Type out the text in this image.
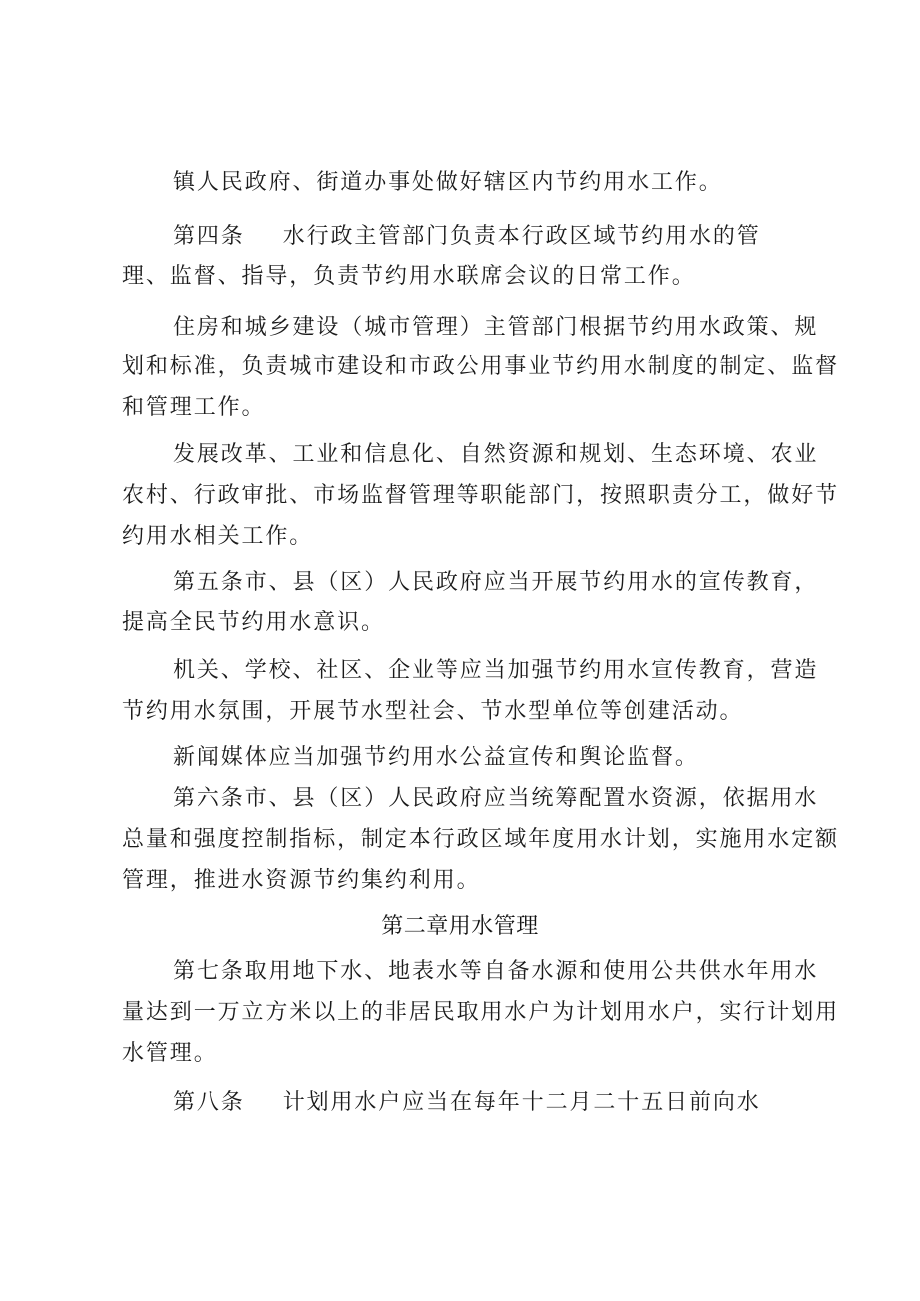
镇人民政府、街道办事处做好辖区内节约用水工作。
第四条 水行政主管部门负责本行政区域节约用水的管
理、监督、指导，负责节约用水联席会议的日常工作。
住房和城乡建设（城市管理）主管部门根据节约用水政策、规
划和标准，负责城市建设和市政公用事业节约用水制度的制定、监督
和管理工作。
发展改革、工业和信息化、自然资源和规划、生态环境、农业
农村、行政审批、市场监督管理等职能部门，按照职责分工，做好节
约用水相关工作。
第五条市、县（区）人民政府应当开展节约用水的宣传教育，
提高全民节约用水意识。
机关、学校、社区、企业等应当加强节约用水宣传教育，营造
节约用水氛围，开展节水型社会、节水型单位等创建活动。
新闻媒体应当加强节约用水公益宣传和舆论监督。
第六条市、县（区）人民政府应当统筹配置水资源，依据用水
总量和强度控制指标，制定本行政区域年度用水计划，实施用水定额
管理，推进水资源节约集约利用。
第二章用水管理
第七条取用地下水、地表水等自备水源和使用公共供水年用水
量达到一万立方米以上的非居民取用水户为计划用水户，实行计划用
水管理。
第八条 计划用水户应当在每年十二月二十五日前向水
